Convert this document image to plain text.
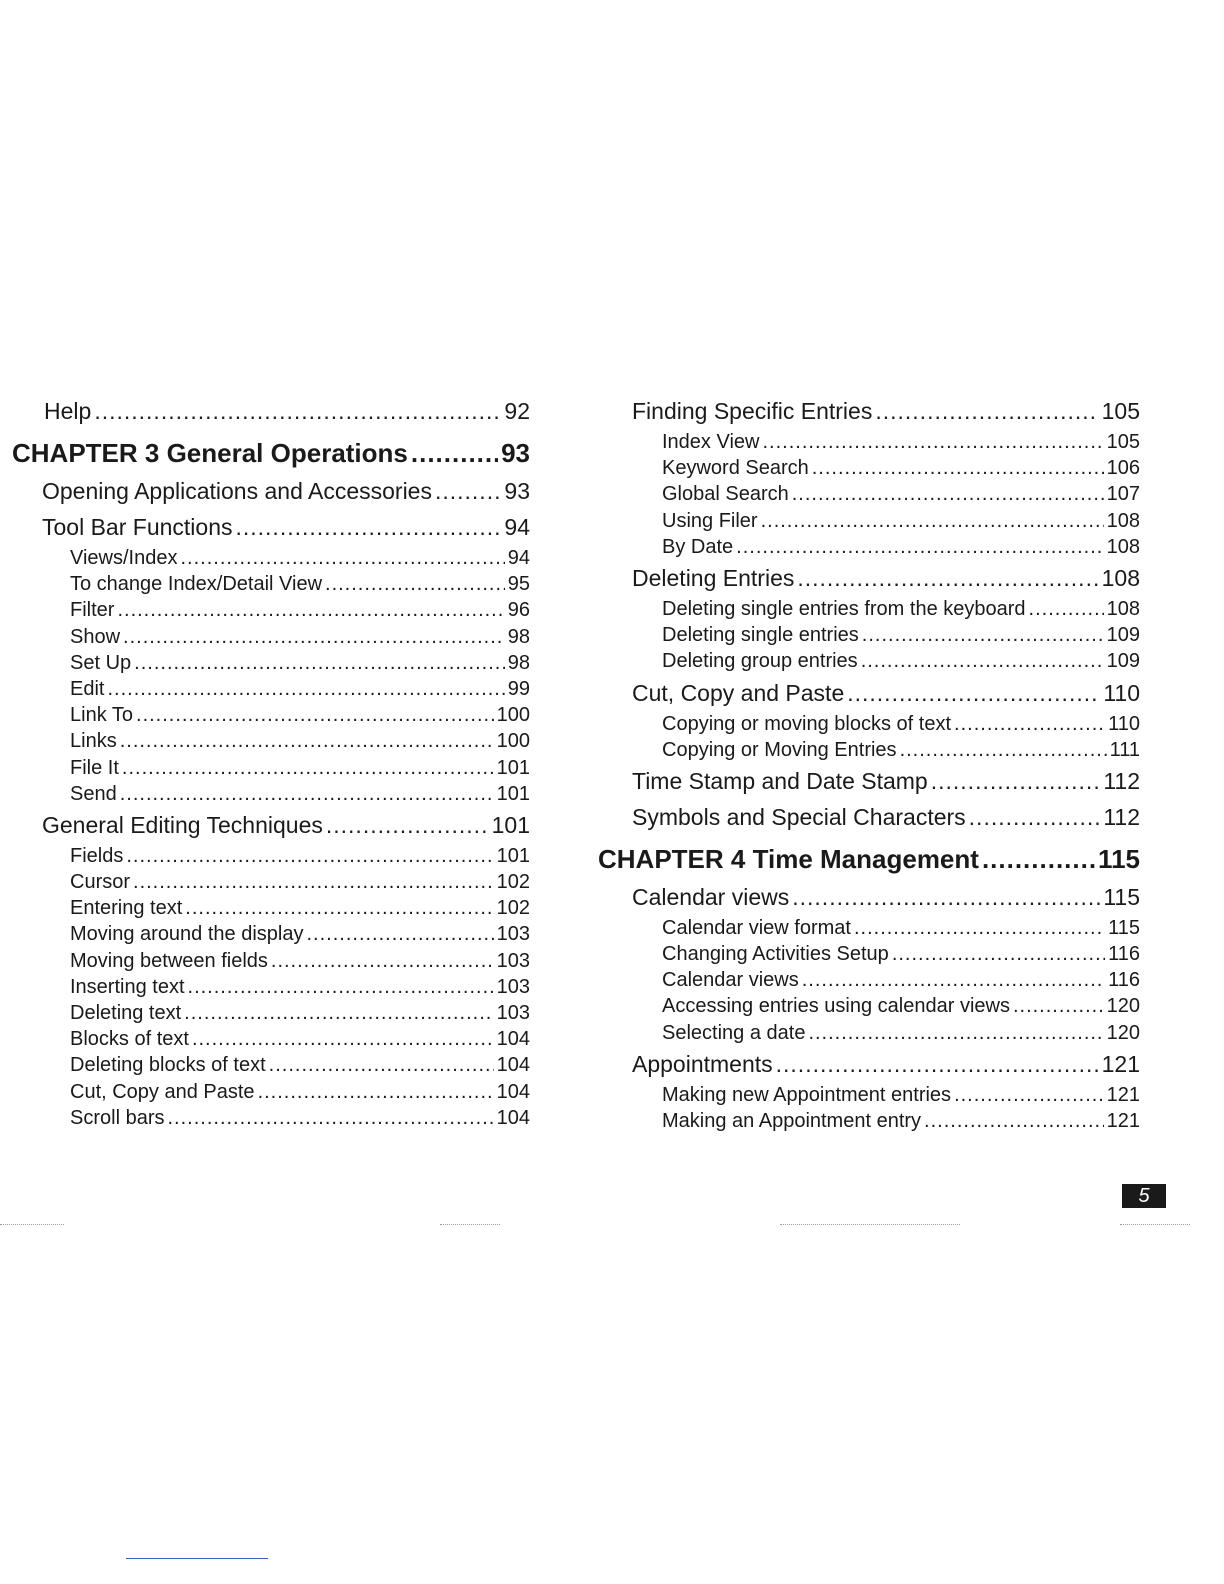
Help .....	92
CHAPTER 3 General Operations .....	93
Opening Applications and Accessories .....	93
Tool Bar Functions .....	94
Views/Index .....	94
To change Index/Detail View .....	95
Filter .....	96
Show .....	98
Set Up .....	98
Edit .....	99
Link To .....	100
Links .....	100
File It .....	101
Send .....	101
General Editing Techniques .....	101
Fields .....	101
Cursor .....	102
Entering text .....	102
Moving around the display .....	103
Moving between fields .....	103
Inserting text .....	103
Deleting text .....	103
Blocks of text .....	104
Deleting blocks of text .....	104
Cut, Copy and Paste .....	104
Scroll bars .....	104
Finding Specific Entries .....	105
Index View .....	105
Keyword Search .....	106
Global Search .....	107
Using Filer .....	108
By Date .....	108
Deleting Entries .....	108
Deleting single entries from the keyboard .....	108
Deleting single entries .....	109
Deleting group entries .....	109
Cut, Copy and Paste .....	110
Copying or moving blocks of text .....	110
Copying or Moving Entries .....	111
Time Stamp and Date Stamp .....	112
Symbols and Special Characters .....	112
CHAPTER 4 Time Management .....	115
Calendar views .....	115
Calendar view format .....	115
Changing Activities Setup .....	116
Calendar views .....	116
Accessing entries using calendar views .....	120
Selecting a date .....	120
Appointments .....	121
Making new Appointment entries .....	121
Making an Appointment entry .....	121
5
